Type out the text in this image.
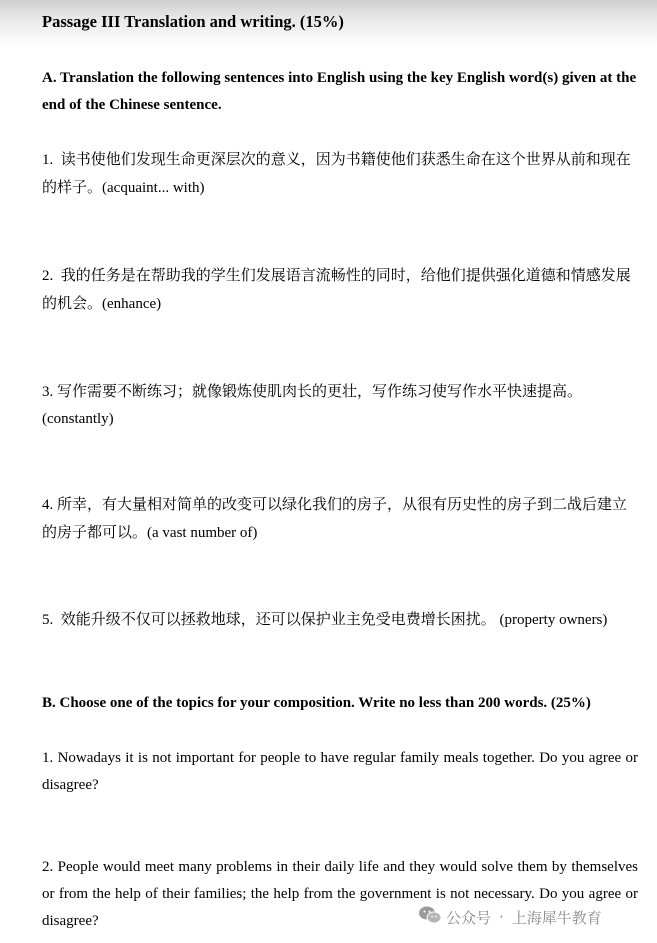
Passage III Translation and writing. (15%)
A. Translation the following sentences into English using the key English word(s) given at the end of the Chinese sentence.
1. 读书使他们发现生命更深层次的意义，因为书籍使他们获悉生命在这个世界从前和现在的样子。(acquaint... with)
2. 我的任务是在帮助我的学生们发展语言流畅性的同时，给他们提供强化道德和情感发展的机会。(enhance)
3. 写作需要不断练习；就像锻炼使肌肉长的更壮，写作练习使写作水平快速提高。
(constantly)
4. 所幸，有大量相对简单的改变可以绿化我们的房子，从很有历史性的房子到二战后建立的房子都可以。(a vast number of)
5. 效能升级不仅可以拯救地球，还可以保护业主免受电费增长困扰。 (property owners)
B. Choose one of the topics for your composition. Write no less than 200 words. (25%)
1. Nowadays it is not important for people to have regular family meals together. Do you agree or disagree?
2. People would meet many problems in their daily life and they would solve them by themselves or from the help of their families; the help from the government is not necessary. Do you agree or disagree?	公众号 · 上海犀牛教育
